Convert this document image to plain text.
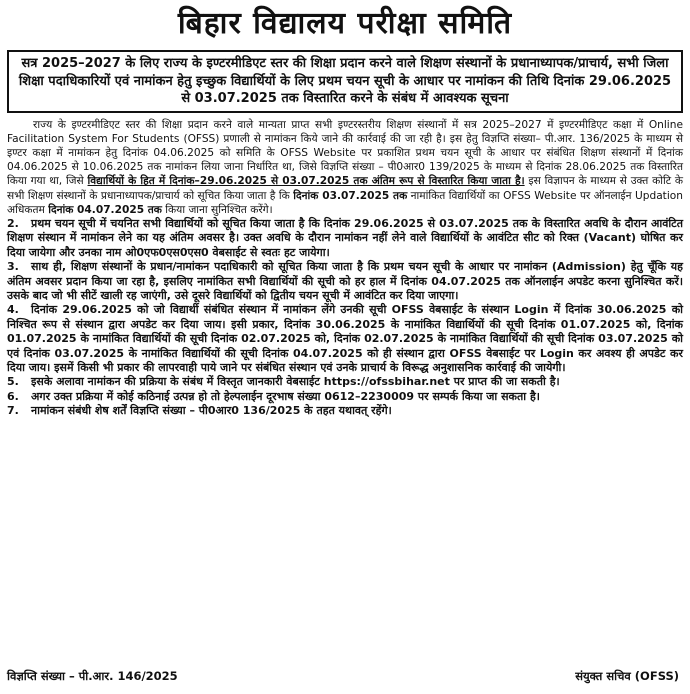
बिहार विद्यालय परीक्षा समिति
सत्र 2025–2027 के लिए राज्य के इण्टरमीडिएट स्तर की शिक्षा प्रदान करने वाले शिक्षण संस्थानों के प्रधानाध्यापक/प्राचार्य, सभी जिला शिक्षा पदाधिकारियों एवं नामांकन हेतु इच्छुक विद्यार्थियों के लिए प्रथम चयन सूची के आधार पर नामांकन की तिथि दिनांक 29.06.2025 से 03.07.2025 तक विस्तारित करने के संबंध में आवश्यक सूचना

राज्य के इण्टरमीडिएट स्तर की शिक्षा प्रदान करने वाले मान्यता प्राप्त सभी इण्टरस्तरीय शिक्षण संस्थानों में सत्र 2025–2027 में इण्टरमीडिएट कक्षा में Online Facilitation System For Students (OFSS) प्रणाली से नामांकन किये जाने की कार्रवाई की जा रही है। इस हेतु विज्ञप्ति संख्या– पी.आर. 136/2025 के माध्यम से इण्टर कक्षा में नामांकन हेतु दिनांक 04.06.2025 को समिति के OFSS Website पर प्रकाशित प्रथम चयन सूची के आधार पर संबंधित शिक्षण संस्थानों में दिनांक 04.06.2025 से 10.06.2025 तक नामांकन लिया जाना निर्धारित था, जिसे विज्ञप्ति संख्या – पी0आर0 139/2025 के माध्यम से दिनांक 28.06.2025 तक विस्तारित किया गया था, जिसे विद्यार्थियों के हित में दिनांक–29.06.2025 से 03.07.2025 तक अंतिम रूप से विस्तारित किया जाता है। इस विज्ञापन के माध्यम से उक्त कोटि के सभी शिक्षण संस्थानों के प्रधानाध्यापक/प्राचार्य को सूचित किया जाता है कि दिनांक 03.07.2025 तक नामांकित विद्यार्थियों का OFSS Website पर ऑनलाईन Updation अधिकतम दिनांक 04.07.2025 तक किया जाना सुनिश्चित करेंगे।

2. प्रथम चयन सूची में चयनित सभी विद्यार्थियों को सूचित किया जाता है कि दिनांक 29.06.2025 से 03.07.2025 तक के विस्तारित अवधि के दौरान आवंटित शिक्षण संस्थान में नामांकन लेने का यह अंतिम अवसर है। उक्त अवधि के दौरान नामांकन नहीं लेने वाले विद्यार्थियों के आवंटित सीट को रिक्त (Vacant) घोषित कर दिया जायेगा और उनका नाम ओ0एफ0एस0एस0 वेबसाईट से स्वतः हट जायेगा।

3. साथ ही, शिक्षण संस्थानों के प्रधान/नामांकन पदाधिकारी को सूचित किया जाता है कि प्रथम चयन सूची के आधार पर नामांकन (Admission) हेतु चूँकि यह अंतिम अवसर प्रदान किया जा रहा है, इसलिए नामांकित सभी विद्यार्थियों की सूची को हर हाल में दिनांक 04.07.2025 तक ऑनलाईन अपडेट करना सुनिश्चित करें। उसके बाद जो भी सीटें खाली रह जाएंगी, उसे दूसरे विद्यार्थियों को द्वितीय चयन सूची में आवंटित कर दिया जाएगा।

4. दिनांक 29.06.2025 को जो विद्यार्थी संबंधित संस्थान में नामांकन लेंगे उनकी सूची OFSS वेबसाईट के संस्थान Login में दिनांक 30.06.2025 को निश्चित रूप से संस्थान द्वारा अपडेट कर दिया जाय। इसी प्रकार, दिनांक 30.06.2025 के नामांकित विद्यार्थियों की सूची दिनांक 01.07.2025 को, दिनांक 01.07.2025 के नामांकित विद्यार्थियों की सूची दिनांक 02.07.2025 को, दिनांक 02.07.2025 के नामांकित विद्यार्थियों की सूची दिनांक 03.07.2025 को एवं दिनांक 03.07.2025 के नामांकित विद्यार्थियों की सूची दिनांक 04.07.2025 को ही संस्थान द्वारा OFSS वेबसाईट पर Login कर अवश्य ही अपडेट कर दिया जाय। इसमें किसी भी प्रकार की लापरवाही पाये जाने पर संबंधित संस्थान एवं उनके प्राचार्य के विरूद्ध अनुशासनिक कार्रवाई की जायेगी।

5. इसके अलावा नामांकन की प्रक्रिया के संबंध में विस्तृत जानकारी वेबसाईट https://ofssbihar.net पर प्राप्त की जा सकती है।

6. अगर उक्त प्रक्रिया में कोई कठिनाई उत्पन्न हो तो हेल्पलाईन दूरभाष संख्या 0612–2230009 पर सम्पर्क किया जा सकता है।

7. नामांकन संबंधी शेष शर्तें विज्ञप्ति संख्या – पी0आर0 136/2025 के तहत यथावत् रहेंगे।

विज्ञप्ति संख्या – पी.आर. 146/2025	संयुक्त सचिव (OFSS)
